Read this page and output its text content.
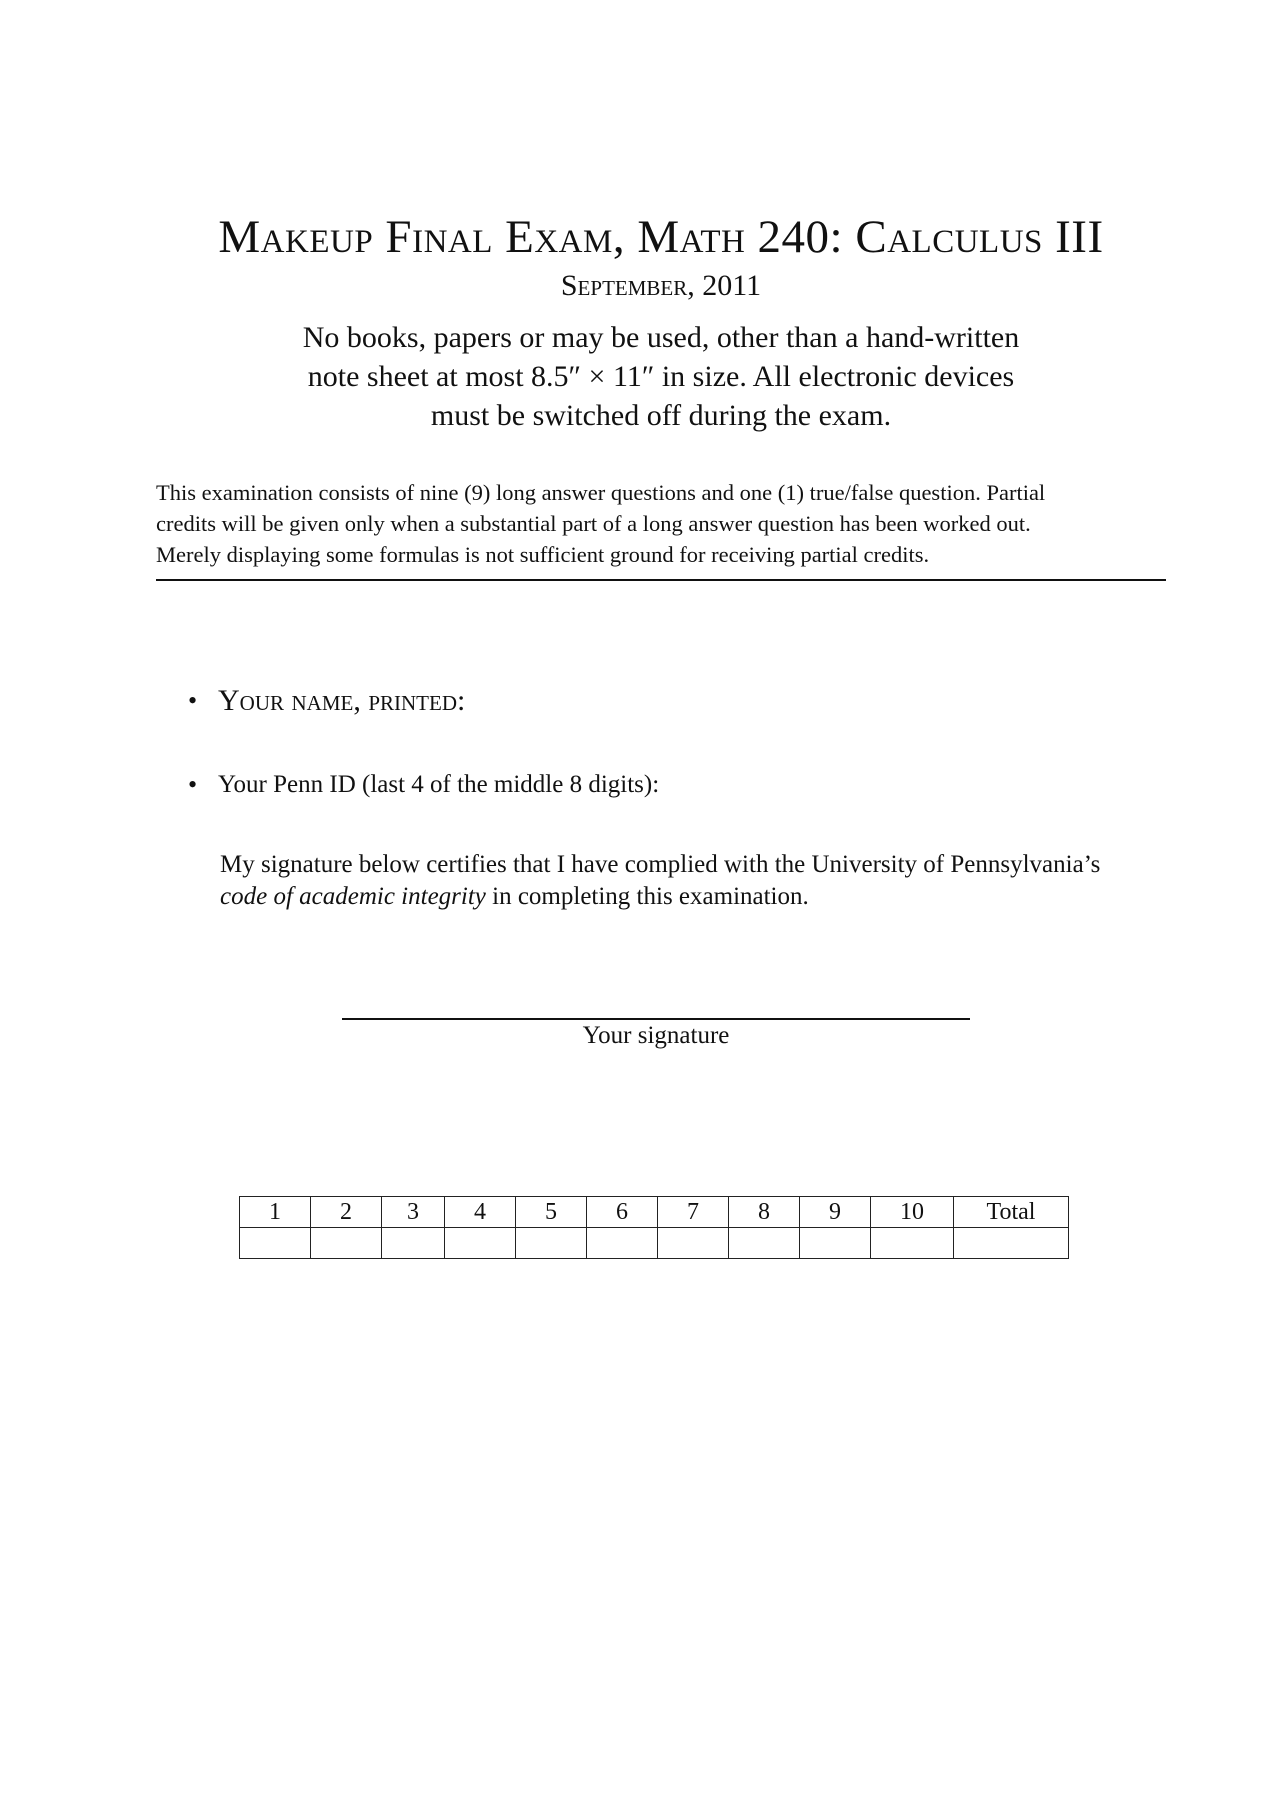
Makeup Final Exam, Math 240: Calculus III
September, 2011
No books, papers or may be used, other than a hand-written
note sheet at most 8.5″ × 11″ in size. All electronic devices
must be switched off during the exam.
This examination consists of nine (9) long answer questions and one (1) true/false question. Partial
credits will be given only when a substantial part of a long answer question has been worked out.
Merely displaying some formulas is not sufficient ground for receiving partial credits.
• Your name, printed:
• Your Penn ID (last 4 of the middle 8 digits):
My signature below certifies that I have complied with the University of Pennsylvania’s
code of academic integrity in completing this examination.
Your signature
1	2	3	4	5	6	7	8	9	10	Total
